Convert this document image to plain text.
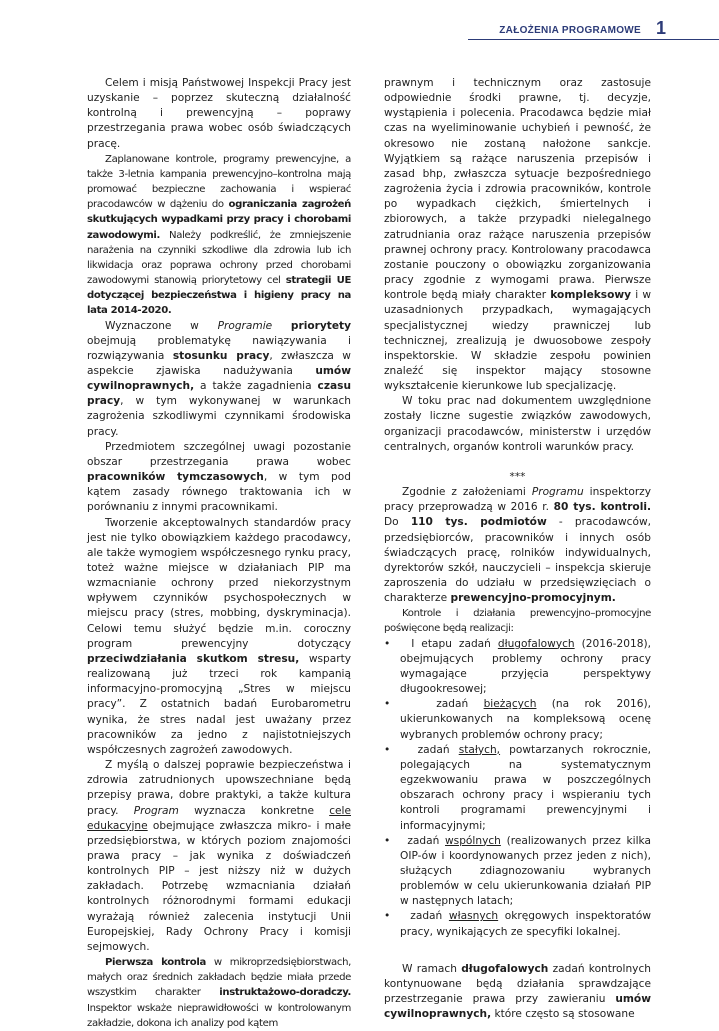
ZAŁOŻENIA PROGRAMOWE 1

Celem i misją Państwowej Inspekcji Pracy jest uzyskanie – poprzez skuteczną działalność kontrolną i prewencyjną – poprawy przestrzegania prawa wobec osób świadczących pracę.

Zaplanowane kontrole, programy prewencyjne, a także 3-letnia kampania prewencyjno–kontrolna mają promować bezpieczne zachowania i wspierać pracodawców w dążeniu do ograniczania zagrożeń skutkujących wypadkami przy pracy i chorobami zawodowymi. Należy podkreślić, że zmniejszenie narażenia na czynniki szkodliwe dla zdrowia lub ich likwidacja oraz poprawa ochrony przed chorobami zawodowymi stanowią priorytetowy cel strategii UE dotyczącej bezpieczeństwa i higieny pracy na lata 2014-2020.

Wyznaczone w Programie priorytety obejmują problematykę nawiązywania i rozwiązywania stosunku pracy, zwłaszcza w aspekcie zjawiska nadużywania umów cywilnoprawnych, a także zagadnienia czasu pracy, w tym wykonywanej w warunkach zagrożenia szkodliwymi czynnikami środowiska pracy.

Przedmiotem szczególnej uwagi pozostanie obszar przestrzegania prawa wobec pracowników tymczasowych, w tym pod kątem zasady równego traktowania ich w porównaniu z innymi pracownikami.

Tworzenie akceptowalnych standardów pracy jest nie tylko obowiązkiem każdego pracodawcy, ale także wymogiem współczesnego rynku pracy, toteż ważne miejsce w działaniach PIP ma wzmacnianie ochrony przed niekorzystnym wpływem czynników psychospołecznych w miejscu pracy (stres, mobbing, dyskryminacja). Celowi temu służyć będzie m.in. coroczny program prewencyjny dotyczący przeciwdziałania skutkom stresu, wsparty realizowaną już trzeci rok kampanią informacyjno-promocyjną „Stres w miejscu pracy”. Z ostatnich badań Eurobarometru wynika, że stres nadal jest uważany przez pracowników za jedno z najistotniejszych współczesnych zagrożeń zawodowych.

Z myślą o dalszej poprawie bezpieczeństwa i zdrowia zatrudnionych upowszechniane będą przepisy prawa, dobre praktyki, a także kultura pracy. Program wyznacza konkretne cele edukacyjne obejmujące zwłaszcza mikro- i małe przedsiębiorstwa, w których poziom znajomości prawa pracy – jak wynika z doświadczeń kontrolnych PIP – jest niższy niż w dużych zakładach. Potrzebę wzmacniania działań kontrolnych różnorodnymi formami edukacji wyrażają również zalecenia instytucji Unii Europejskiej, Rady Ochrony Pracy i komisji sejmowych.

Pierwsza kontrola w mikroprzedsiębiorstwach, małych oraz średnich zakładach będzie miała przede wszystkim charakter instruktażowo-doradczy. Inspektor wskaże nieprawidłowości w kontrolowanym zakładzie, dokona ich analizy pod kątem

prawnym i technicznym oraz zastosuje odpowiednie środki prawne, tj. decyzje, wystąpienia i polecenia. Pracodawca będzie miał czas na wyeliminowanie uchybień i pewność, że okresowo nie zostaną nałożone sankcje. Wyjątkiem są rażące naruszenia przepisów i zasad bhp, zwłaszcza sytuacje bezpośredniego zagrożenia życia i zdrowia pracowników, kontrole po wypadkach ciężkich, śmiertelnych i zbiorowych, a także przypadki nielegalnego zatrudniania oraz rażące naruszenia przepisów prawnej ochrony pracy. Kontrolowany pracodawca zostanie pouczony o obowiązku zorganizowania pracy zgodnie z wymogami prawa. Pierwsze kontrole będą miały charakter kompleksowy i w uzasadnionych przypadkach, wymagających specjalistycznej wiedzy prawniczej lub technicznej, zrealizują je dwuosobowe zespoły inspektorskie. W składzie zespołu powinien znaleźć się inspektor mający stosowne wykształcenie kierunkowe lub specjalizację.

W toku prac nad dokumentem uwzględnione zostały liczne sugestie związków zawodowych, organizacji pracodawców, ministerstw i urzędów centralnych, organów kontroli warunków pracy.

***

Zgodnie z założeniami Programu inspektorzy pracy przeprowadzą w 2016 r. 80 tys. kontroli. Do 110 tys. podmiotów - pracodawców, przedsiębiorców, pracowników i innych osób świadczących pracę, rolników indywidualnych, dyrektorów szkół, nauczycieli – inspekcja skieruje zaproszenia do udziału w przedsięwzięciach o charakterze prewencyjno-promocyjnym.

Kontrole i działania prewencyjno–promocyjne poświęcone będą realizacji:

• I etapu zadań długofalowych (2016-2018), obejmujących problemy ochrony pracy wymagające przyjęcia perspektywy długookresowej;

•	zadań bieżących (na rok 2016), ukierunkowanych na kompleksową ocenę wybranych problemów ochrony pracy;

•	zadań stałych, powtarzanych rokrocznie, polegających na systematycznym egzekwowaniu prawa w poszczególnych obszarach ochrony pracy i wspieraniu tych kontroli programami prewencyjnymi i informacyjnymi;

• zadań wspólnych (realizowanych przez kilka OIP-ów i koordynowanych przez jeden z nich), służących zdiagnozowaniu wybranych problemów w celu ukierunkowania działań PIP w następnych latach;

• zadań własnych okręgowych inspektoratów pracy, wynikających ze specyfiki lokalnej.

W ramach długofalowych zadań kontrolnych kontynuowane będą działania sprawdzające przestrzeganie prawa przy zawieraniu umów cywilnoprawnych, które często są stosowane
